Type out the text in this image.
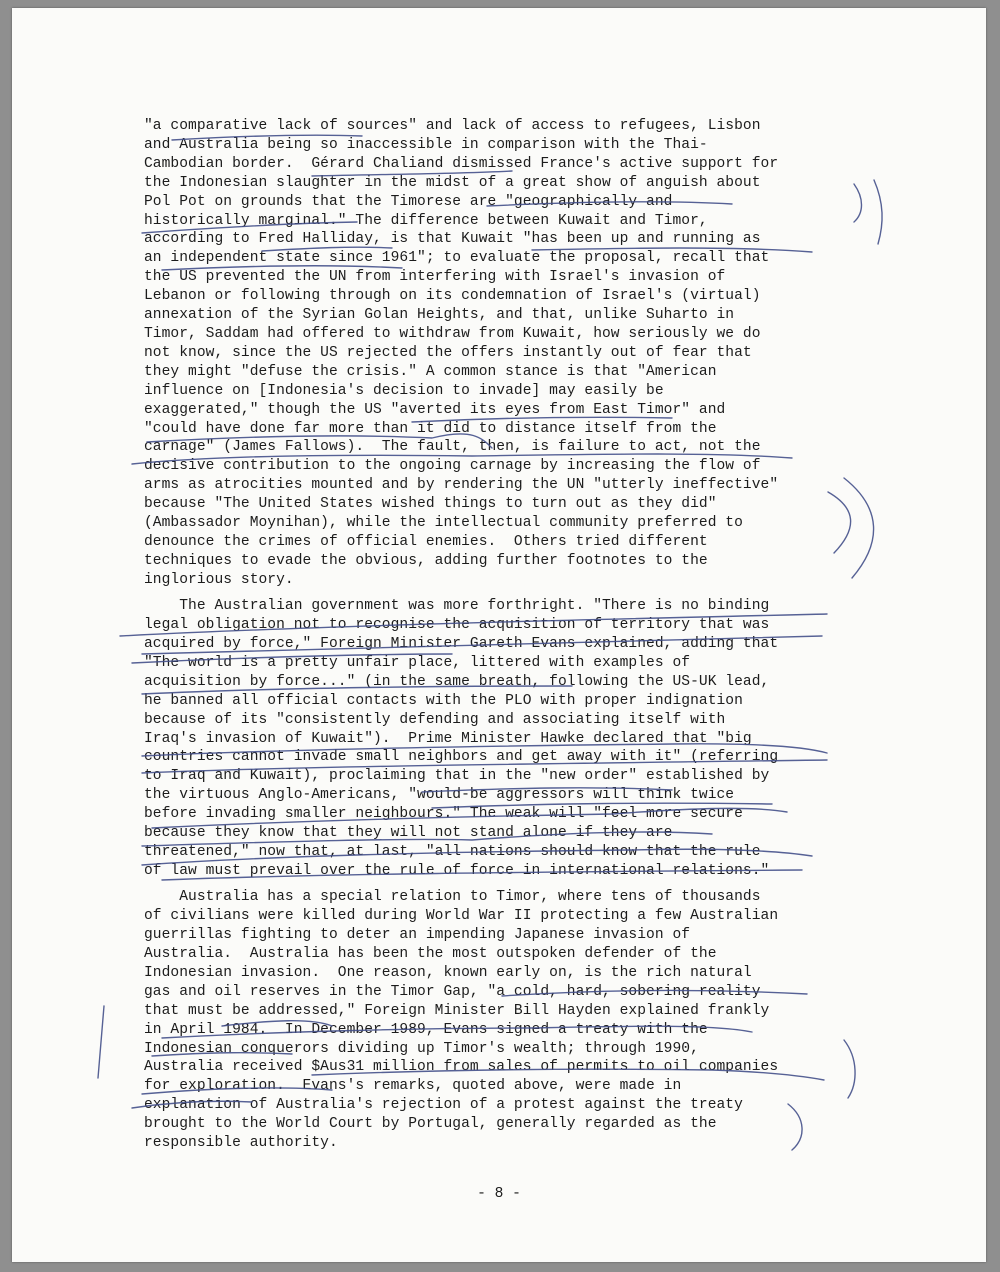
"a comparative lack of sources" and lack of access to refugees, Lisbon
and Australia being so inaccessible in comparison with the Thai-
Cambodian border.  Gérard Chaliand dismissed France's active support for
the Indonesian slaughter in the midst of a great show of anguish about
Pol Pot on grounds that the Timorese are "geographically and
historically marginal." The difference between Kuwait and Timor,
according to Fred Halliday, is that Kuwait "has been up and running as
an independent state since 1961"; to evaluate the proposal, recall that
the US prevented the UN from interfering with Israel's invasion of
Lebanon or following through on its condemnation of Israel's (virtual)
annexation of the Syrian Golan Heights, and that, unlike Suharto in
Timor, Saddam had offered to withdraw from Kuwait, how seriously we do
not know, since the US rejected the offers instantly out of fear that
they might "defuse the crisis." A common stance is that "American
influence on [Indonesia's decision to invade] may easily be
exaggerated," though the US "averted its eyes from East Timor" and
"could have done far more than it did to distance itself from the
carnage" (James Fallows).  The fault, then, is failure to act, not the
decisive contribution to the ongoing carnage by increasing the flow of
arms as atrocities mounted and by rendering the UN "utterly ineffective"
because "The United States wished things to turn out as they did"
(Ambassador Moynihan), while the intellectual community preferred to
denounce the crimes of official enemies.  Others tried different
techniques to evade the obvious, adding further footnotes to the
inglorious story.

The Australian government was more forthright. "There is no binding
legal obligation not to recognise the acquisition of territory that was
acquired by force," Foreign Minister Gareth Evans explained, adding that
"The world is a pretty unfair place, littered with examples of
acquisition by force..." (in the same breath, following the US-UK lead,
he banned all official contacts with the PLO with proper indignation
because of its "consistently defending and associating itself with
Iraq's invasion of Kuwait").  Prime Minister Hawke declared that "big
countries cannot invade small neighbors and get away with it" (referring
to Iraq and Kuwait), proclaiming that in the "new order" established by
the virtuous Anglo-Americans, "would-be aggressors will think twice
before invading smaller neighbours." The weak will "feel more secure
because they know that they will not stand alone if they are
threatened," now that, at last, "all nations should know that the rule
of law must prevail over the rule of force in international relations."

Australia has a special relation to Timor, where tens of thousands
of civilians were killed during World War II protecting a few Australian
guerrillas fighting to deter an impending Japanese invasion of
Australia.  Australia has been the most outspoken defender of the
Indonesian invasion.  One reason, known early on, is the rich natural
gas and oil reserves in the Timor Gap, "a cold, hard, sobering reality
that must be addressed," Foreign Minister Bill Hayden explained frankly
in April 1984.  In December 1989, Evans signed a treaty with the
Indonesian conquerors dividing up Timor's wealth; through 1990,
Australia received $Aus31 million from sales of permits to oil companies
for exploration.  Evans's remarks, quoted above, were made in
explanation of Australia's rejection of a protest against the treaty
brought to the World Court by Portugal, generally regarded as the
responsible authority.

- 8 -
